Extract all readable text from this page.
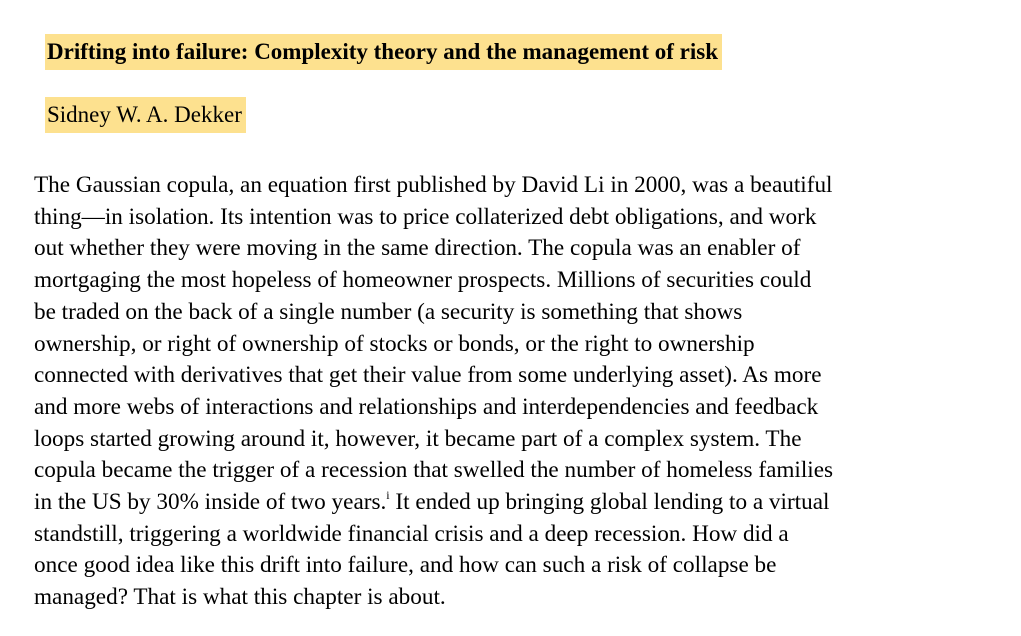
Drifting into failure: Complexity theory and the management of risk
Sidney W. A. Dekker
The Gaussian copula, an equation first published by David Li in 2000, was a beautiful
thing—in isolation. Its intention was to price collaterized debt obligations, and work
out whether they were moving in the same direction. The copula was an enabler of
mortgaging the most hopeless of homeowner prospects. Millions of securities could
be traded on the back of a single number (a security is something that shows
ownership, or right of ownership of stocks or bonds, or the right to ownership
connected with derivatives that get their value from some underlying asset). As more
and more webs of interactions and relationships and interdependencies and feedback
loops started growing around it, however, it became part of a complex system. The
copula became the trigger of a recession that swelled the number of homeless families
in the US by 30% inside of two years.$^i$ It ended up bringing global lending to a virtual
standstill, triggering a worldwide financial crisis and a deep recession. How did a
once good idea like this drift into failure, and how can such a risk of collapse be
managed? That is what this chapter is about.
